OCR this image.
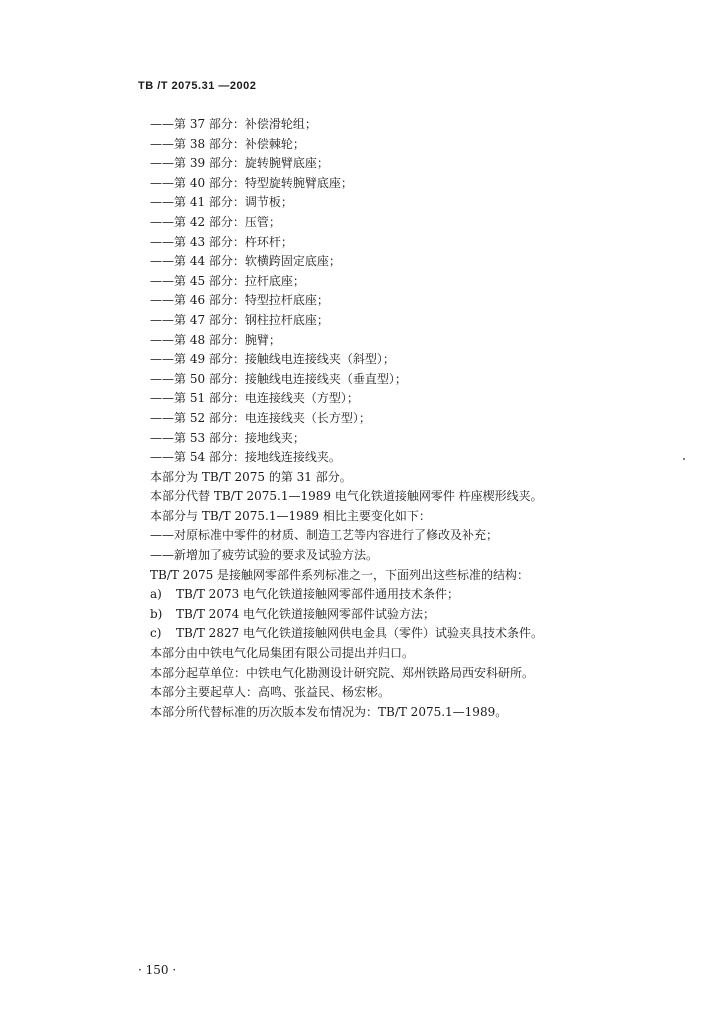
TB /T 2075.31 —2002
——第 37 部分：补偿滑轮组；
——第 38 部分：补偿棘轮；
——第 39 部分：旋转腕臂底座；
——第 40 部分：特型旋转腕臂底座；
——第 41 部分：调节板；
——第 42 部分：压管；
——第 43 部分：杵环杆；
——第 44 部分：软横跨固定底座；
——第 45 部分：拉杆底座；
——第 46 部分：特型拉杆底座；
——第 47 部分：钢柱拉杆底座；
——第 48 部分：腕臂；
——第 49 部分：接触线电连接线夹（斜型）；
——第 50 部分：接触线电连接线夹（垂直型）；
——第 51 部分：电连接线夹（方型）；
——第 52 部分：电连接线夹（长方型）；
——第 53 部分：接地线夹；
——第 54 部分：接地线连接线夹。
本部分为 TB/T 2075 的第 31 部分。
本部分代替 TB/T 2075.1—1989 电气化铁道接触网零件 杵座楔形线夹。
本部分与 TB/T 2075.1—1989 相比主要变化如下：
——对原标准中零件的材质、制造工艺等内容进行了修改及补充；
——新增加了疲劳试验的要求及试验方法。
TB/T 2075 是接触网零部件系列标准之一，下面列出这些标准的结构：
a) TB/T 2073 电气化铁道接触网零部件通用技术条件；
b) TB/T 2074 电气化铁道接触网零部件试验方法；
c) TB/T 2827 电气化铁道接触网供电金具（零件）试验夹具技术条件。
本部分由中铁电气化局集团有限公司提出并归口。
本部分起草单位：中铁电气化勘测设计研究院、郑州铁路局西安科研所。
本部分主要起草人：高鸣、张益民、杨宏彬。
本部分所代替标准的历次版本发布情况为：TB/T 2075.1—1989。
· 150 ·
